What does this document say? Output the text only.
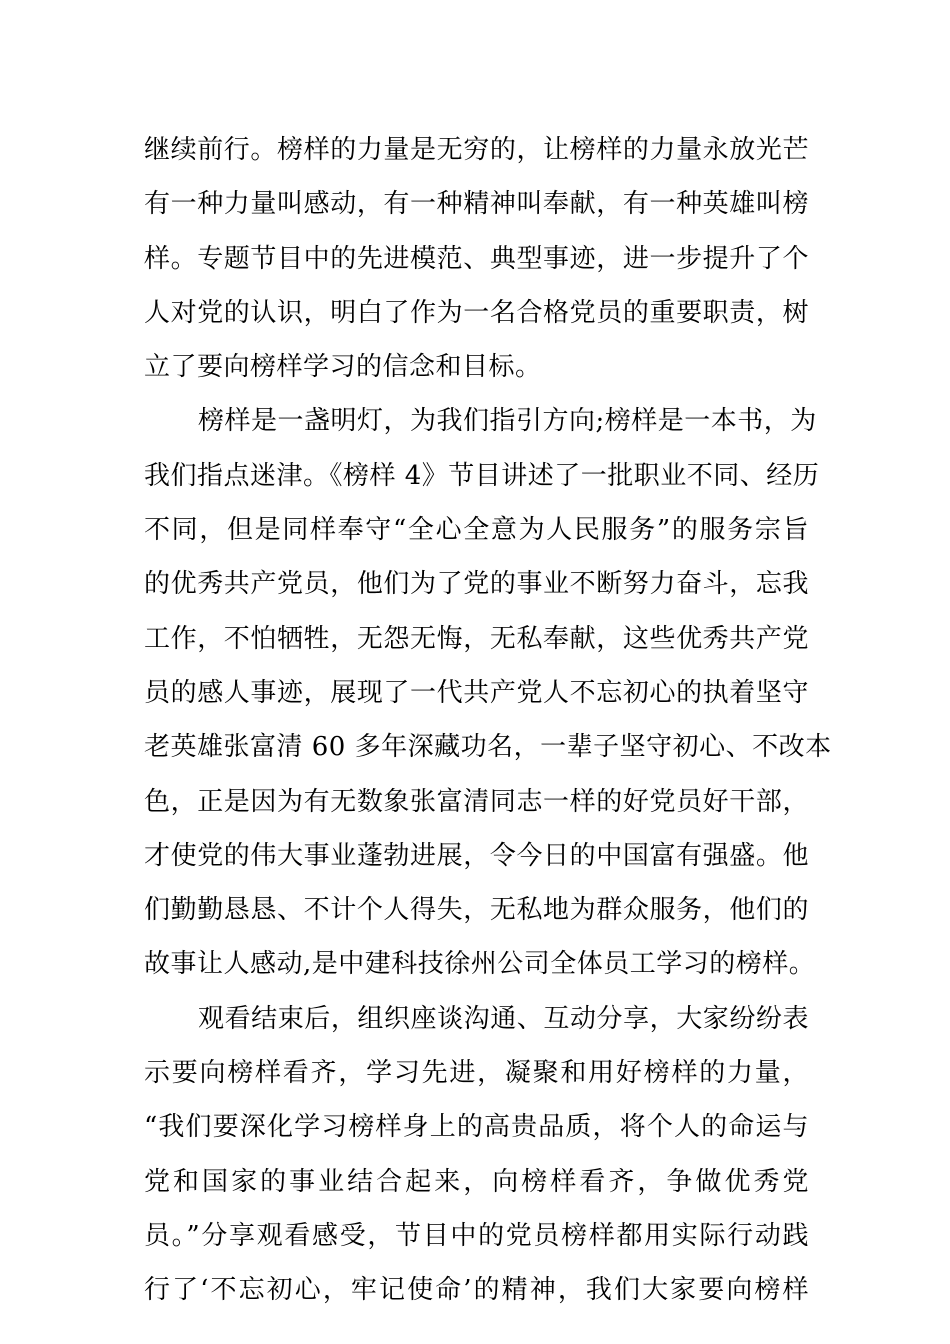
继续前行。榜样的力量是无穷的，让榜样的力量永放光芒
有一种力量叫感动，有一种精神叫奉献，有一种英雄叫榜
样。专题节目中的先进模范、典型事迹，进一步提升了个
人对党的认识，明白了作为一名合格党员的重要职责，树
立了要向榜样学习的信念和目标。
榜样是一盏明灯，为我们指引方向;榜样是一本书，为
我们指点迷津。《榜样 4》节目讲述了一批职业不同、经历
不同，但是同样奉守“全心全意为人民服务”的服务宗旨
的优秀共产党员，他们为了党的事业不断努力奋斗，忘我
工作，不怕牺牲，无怨无悔，无私奉献，这些优秀共产党
员的感人事迹，展现了一代共产党人不忘初心的执着坚守
老英雄张富清 60 多年深藏功名，一辈子坚守初心、不改本
色，正是因为有无数象张富清同志一样的好党员好干部，
才使党的伟大事业蓬勃进展，令今日的中国富有强盛。他
们勤勤恳恳、不计个人得失，无私地为群众服务，他们的
故事让人感动,是中建科技徐州公司全体员工学习的榜样。
观看结束后，组织座谈沟通、互动分享，大家纷纷表
示要向榜样看齐，学习先进，凝聚和用好榜样的力量，
“我们要深化学习榜样身上的高贵品质，将个人的命运与
党和国家的事业结合起来，向榜样看齐，争做优秀党
员。”分享观看感受，节目中的党员榜样都用实际行动践
行了‘不忘初心，牢记使命’的精神，我们大家要向榜样
